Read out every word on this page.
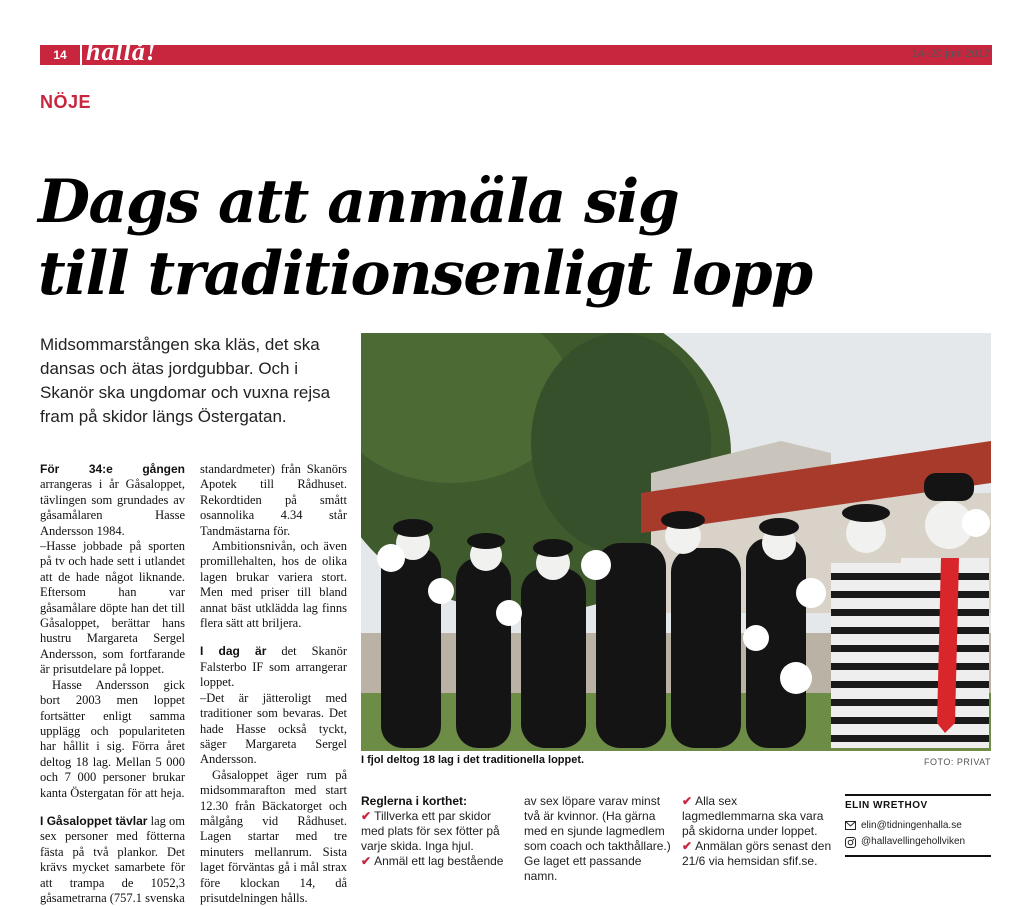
14 hallå!	14–20 juni 2017
NÖJE
Dags att anmäla sig
till traditionsenligt lopp
Midsommarstången ska kläs, det ska dansas och ätas jordgubbar. Och i Skanör ska ungdomar och vuxna rejsa fram på skidor längs Östergatan.

För 34:e gången arrangeras i år Gåsaloppet, tävlingen som grundades av gåsamålaren Hasse Andersson 1984.

–Hasse jobbade på sporten på tv och hade sett i utlandet att de hade något liknande. Eftersom han var gåsamålare döpte han det till Gåsaloppet, berättar hans hustru Margareta Sergel Andersson, som fortfarande är prisutdelare på loppet.

Hasse Andersson gick bort 2003 men loppet fortsätter enligt samma upplägg och populariteten har hållit i sig. Förra året deltog 18 lag. Mellan 5 000 och 7 000 personer brukar kanta Östergatan för att heja.

I Gåsaloppet tävlar lag om sex personer med fötterna fästa på två plankor. Det krävs mycket samarbete för att trampa de 1052,3 gåsametrarna (757.1 svenska

standardmeter) från Skanörs Apotek till Rådhuset. Rekordtiden på smått osannolika 4.34 står Tandmästarna för.

Ambitionsnivån, och även promillehalten, hos de olika lagen brukar variera stort. Men med priser till bland annat bäst utklädda lag finns flera sätt att briljera.

I dag är det Skanör Falsterbo IF som arrangerar loppet.

–Det är jätteroligt med traditioner som bevaras. Det hade Hasse också tyckt, säger Margareta Sergel Andersson.

Gåsaloppet äger rum på midsommarafton med start 12.30 från Bäckatorget och målgång vid Rådhuset. Lagen startar med tre minuters mellanrum. Sista laget förväntas gå i mål strax före klockan 14, då prisutdelningen hålls.

I fjol deltog 18 lag i det traditionella loppet.	FOTO: PRIVAT
Reglerna i korthet:
✔ Tillverka ett par skidor med plats för sex fötter på varje skida. Inga hjul.
✔ Anmäl ett lag bestående
av sex löpare varav minst två är kvinnor. (Ha gärna med en sjunde lagmedlem som coach och takthållare.) Ge laget ett passande namn.
✔ Alla sex lagmedlemmarna ska vara på skidorna under loppet.
✔ Anmälan görs senast den 21/6 via hemsidan sfif.se.
ELIN WRETHOV
elin@tidningenhalla.se
@hallavellingehollviken
